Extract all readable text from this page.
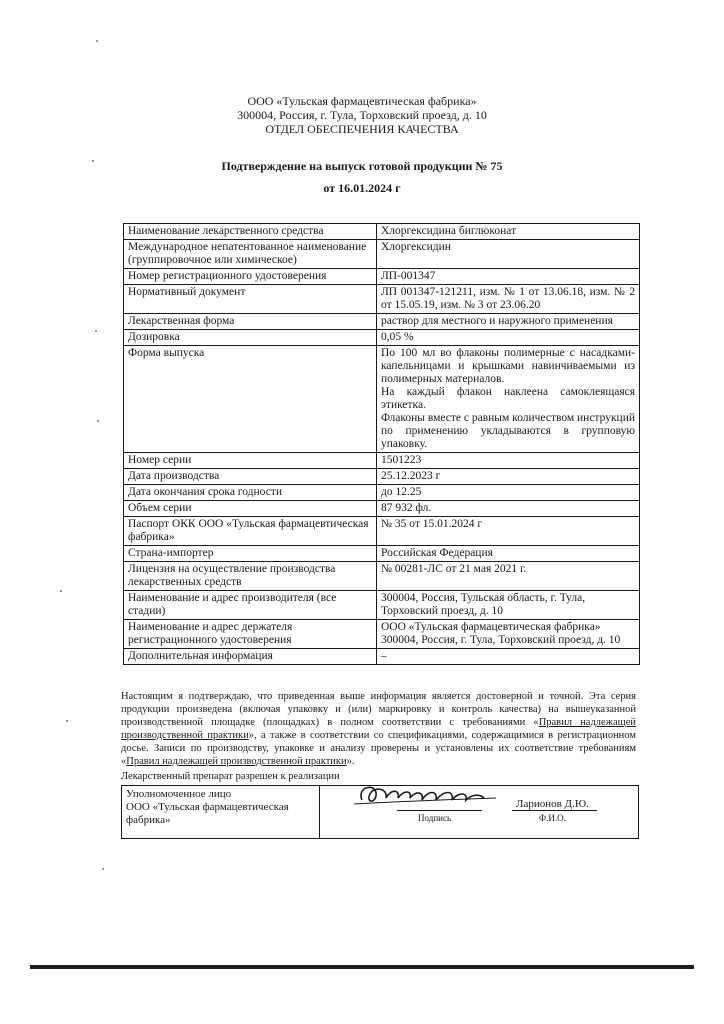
ООО «Тульская фармацевтическая фабрика»
300004, Россия, г. Тула, Торховский проезд, д. 10
ОТДЕЛ ОБЕСПЕЧЕНИЯ КАЧЕСТВА
Подтверждение на выпуск готовой продукции № 75
от 16.01.2024 г
Наименование лекарственного средства	Хлоргексидина биглюконат

Международное непатентованное наименование (группировочное или химическое)	Хлоргексидин

Номер регистрационного удостоверения	ЛП-001347

Нормативный документ	ЛП 001347-121211, изм. № 1 от 13.06.18, изм. № 2 от 15.05.19, изм. № 3 от 23.06.20

Лекарственная форма	раствор для местного и наружного применения

Дозировка	0,05 %

Форма выпуска	По 100 мл во флаконы полимерные с насадками-капельницами и крышками навинчиваемыми из полимерных материалов.

На каждый флакон наклеена самоклеящаяся этикетка.

Флаконы вместе с равным количеством инструкций по применению укладываются в групповую упаковку.

Номер серии	1501223

Дата производства	25.12.2023 г

Дата окончания срока годности	до 12.25

Объем серии	87 932 фл.

Паспорт ОКК ООО «Тульская фармацевтическая фабрика»	№ 35 от 15.01.2024 г

Страна-импортер	Российская Федерация

Лицензия на осуществление производства лекарственных средств	№ 00281-ЛС от 21 мая 2021 г.

Наименование и адрес производителя (все стадии)	300004, Россия, Тульская область, г. Тула, Торховский проезд, д. 10

Наименование и адрес держателя регистрационного удостоверения	ООО «Тульская фармацевтическая фабрика» 300004, Россия, г. Тула, Торховский проезд, д. 10

Дополнительная информация	–

Настоящим я подтверждаю, что приведенная выше информация является достоверной и точной. Эта серия продукции произведена (включая упаковку и (или) маркировку и контроль качества) на вышеуказанной производственной площадке (площадках) в полном соответствии с требованиями «Правил надлежащей производственной практики», а также в соответствии со спецификациями, содержащимися в регистрационном досье. Записи по производству, упаковке и анализу проверены и установлены их соответствие требованиям «Правил надлежащей производственной практики».
Лекарственный препарат разрешен к реализации
Уполномоченное лицо
ООО «Тульская фармацевтическая фабрика»	Подпись
Ларионов Д.Ю.
Ф.И.О.
